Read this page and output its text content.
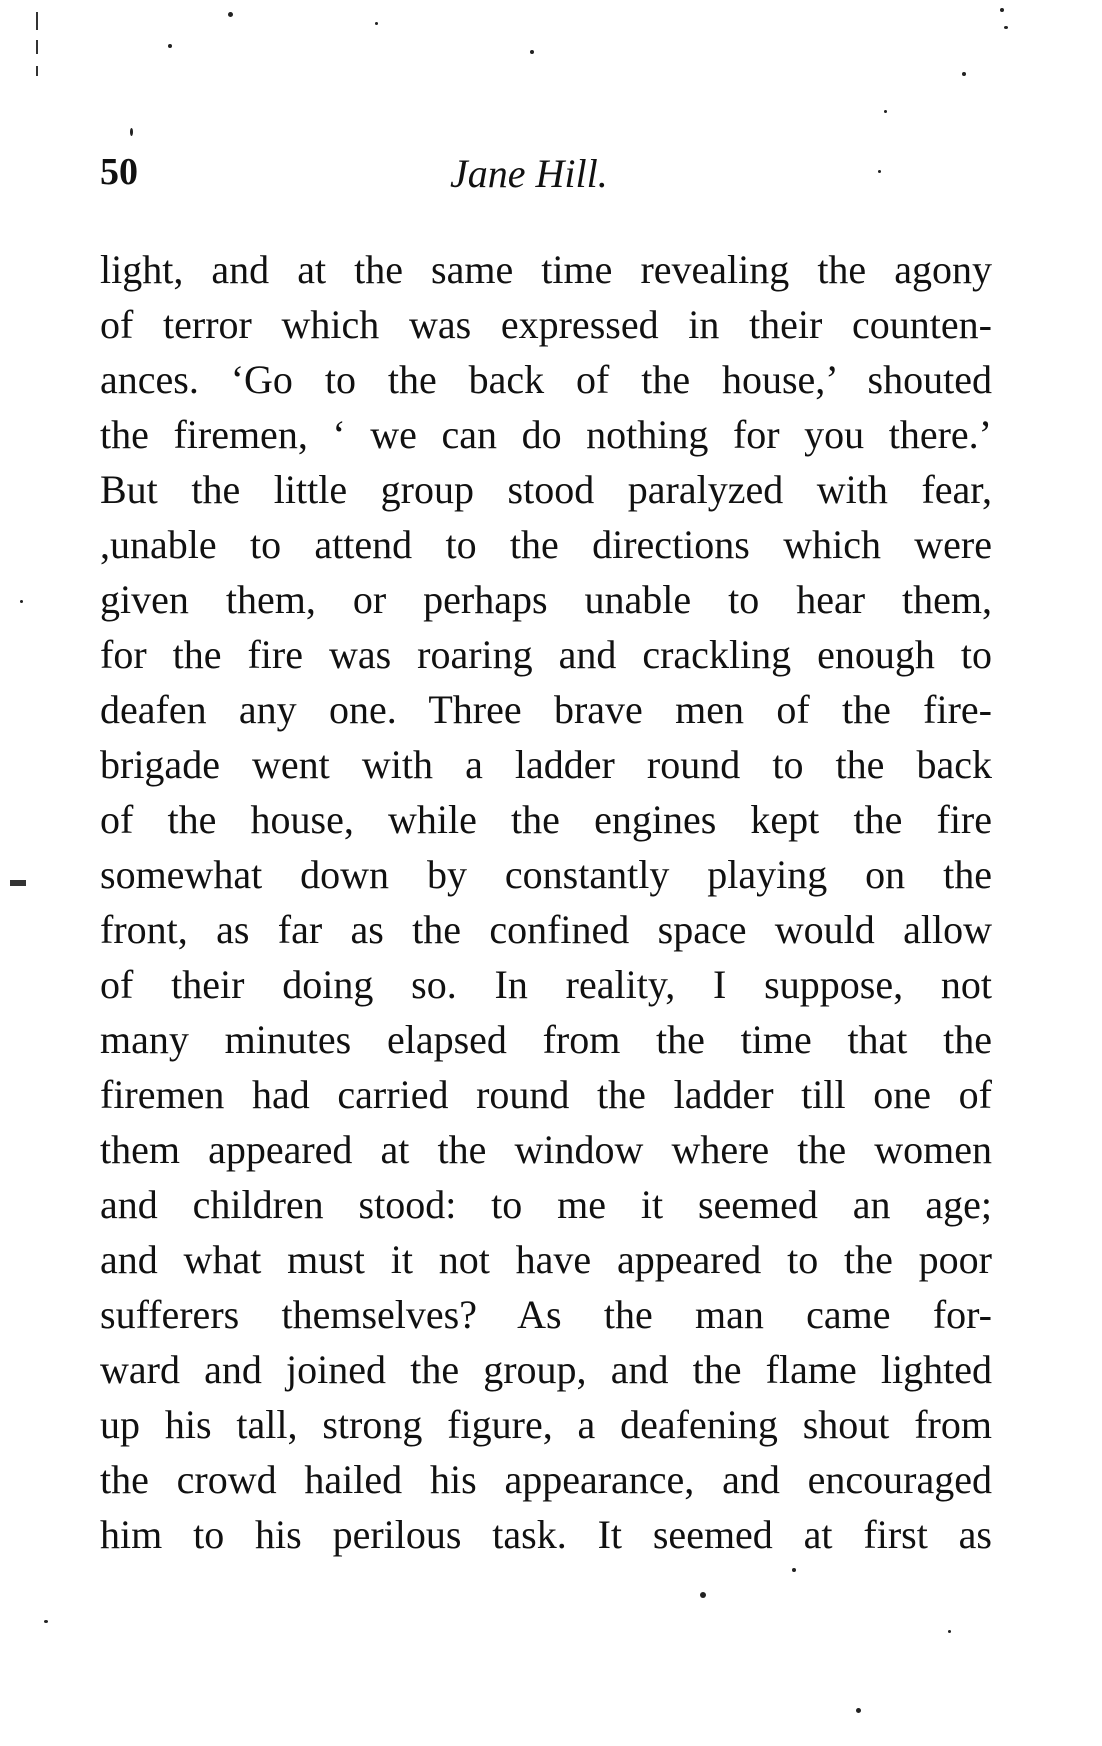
50	Jane Hill.
light, and at the same time revealing the agony
of terror which was expressed in their counten-
ances. ‘Go to the back of the house,’ shouted
the firemen, ‘ we can do nothing for you there.’
But the little group stood paralyzed with fear,
,unable to attend to the directions which were
given them, or perhaps unable to hear them,
for the fire was roaring and crackling enough to
deafen any one. Three brave men of the fire-
brigade went with a ladder round to the back
of the house, while the engines kept the fire
somewhat down by constantly playing on the
front, as far as the confined space would allow
of their doing so. In reality, I suppose, not
many minutes elapsed from the time that the
firemen had carried round the ladder till one of
them appeared at the window where the women
and children stood: to me it seemed an age;
and what must it not have appeared to the poor
sufferers themselves? As the man came for-
ward and joined the group, and the flame lighted
up his tall, strong figure, a deafening shout from
the crowd hailed his appearance, and encouraged
him to his perilous task. It seemed at first as
